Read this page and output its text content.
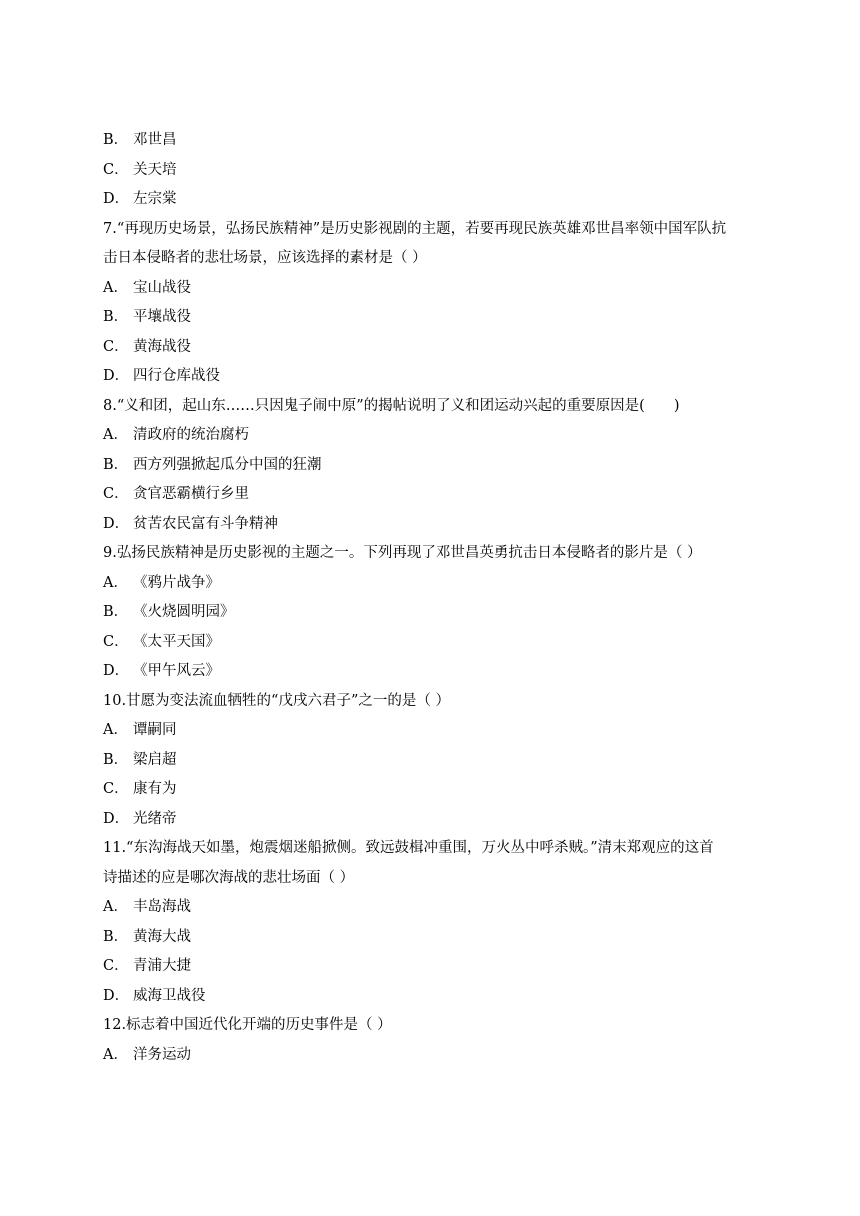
B． 邓世昌
C． 关天培
D． 左宗棠
7.“再现历史场景，弘扬民族精神”是历史影视剧的主题，若要再现民族英雄邓世昌率领中国军队抗
击日本侵略者的悲壮场景，应该选择的素材是（ ）
A． 宝山战役
B． 平壤战役
C． 黄海战役
D． 四行仓库战役
8.“义和团，起山东……只因鬼子闹中原”的揭帖说明了义和团运动兴起的重要原因是(　　)
A． 清政府的统治腐朽
B． 西方列强掀起瓜分中国的狂潮
C． 贪官恶霸横行乡里
D． 贫苦农民富有斗争精神
9.弘扬民族精神是历史影视的主题之一。下列再现了邓世昌英勇抗击日本侵略者的影片是（ ）
A． 《鸦片战争》
B． 《火烧圆明园》
C． 《太平天国》
D． 《甲午风云》
10.甘愿为变法流血牺牲的“戊戌六君子”之一的是（ ）
A． 谭嗣同
B． 梁启超
C． 康有为
D． 光绪帝
11.“东沟海战天如墨，炮震烟迷船掀侧。致远鼓楫冲重围，万火丛中呼杀贼。”清末郑观应的这首
诗描述的应是哪次海战的悲壮场面（ ）
A． 丰岛海战
B． 黄海大战
C． 青浦大捷
D． 威海卫战役
12.标志着中国近代化开端的历史事件是（ ）
A． 洋务运动
